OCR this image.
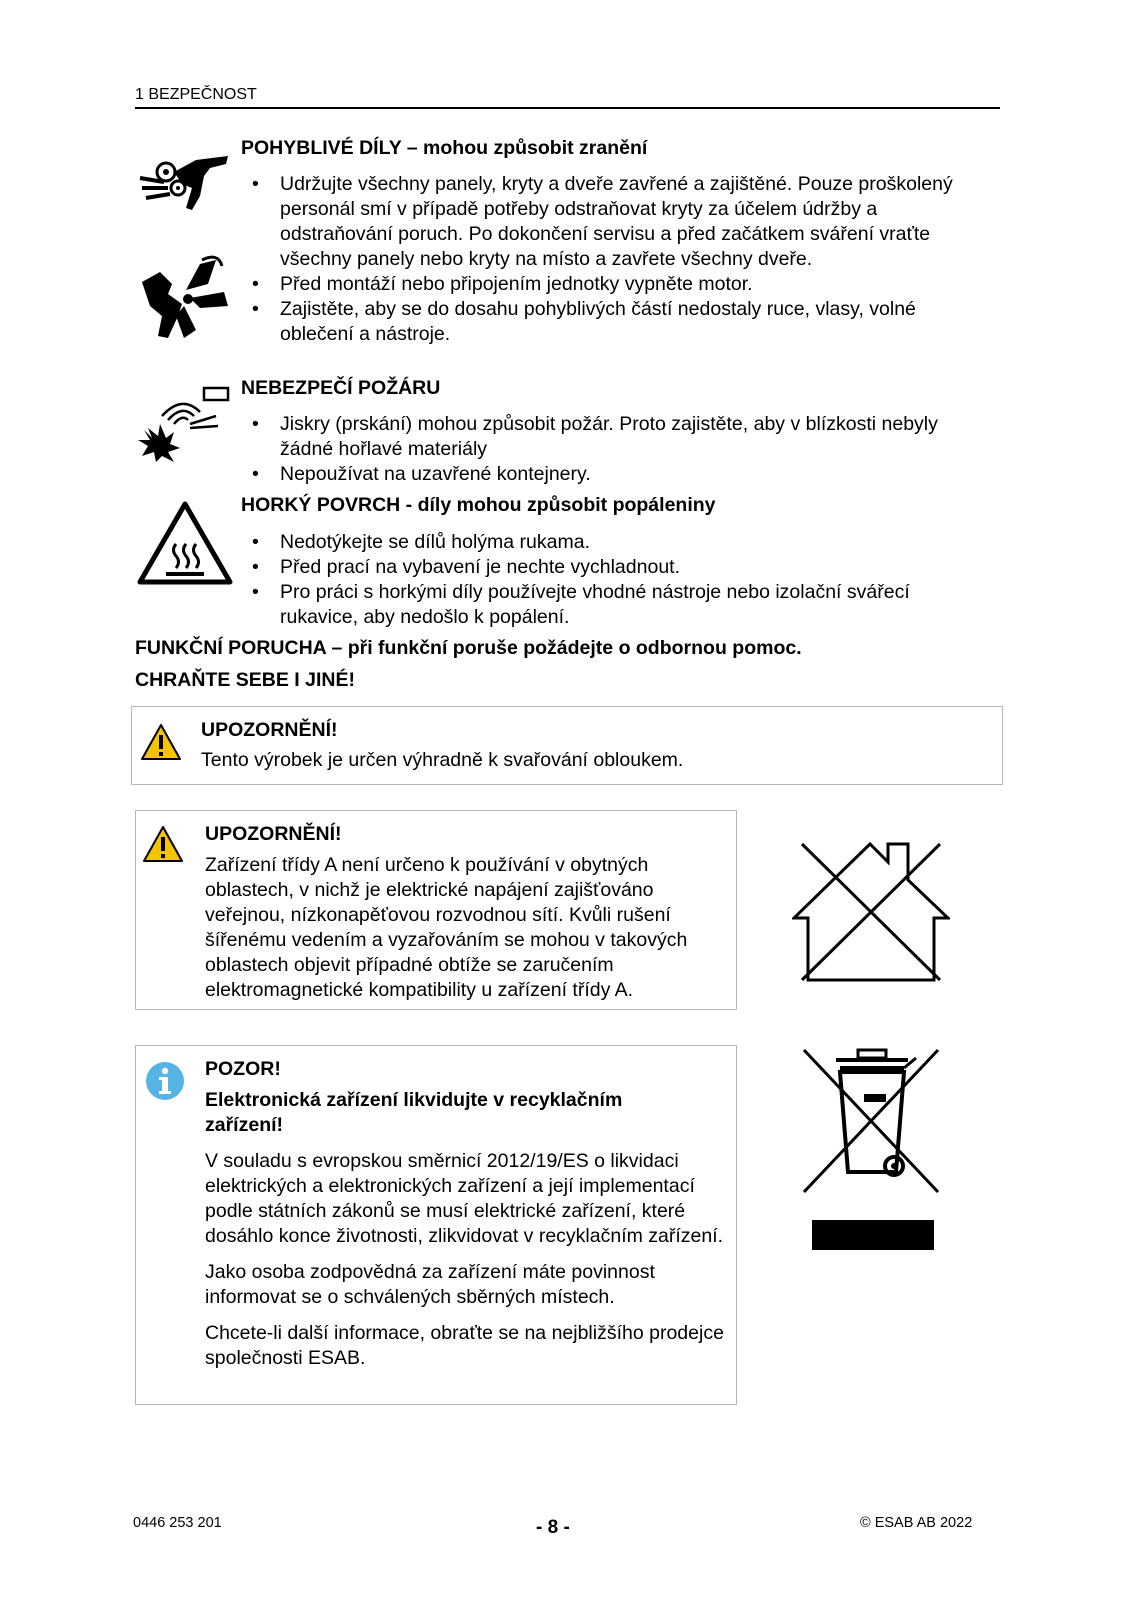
1 BEZPEČNOST
POHYBLIVÉ DÍLY – mohou způsobit zranění
• Udržujte všechny panely, kryty a dveře zavřené a zajištěné. Pouze proškolený personál smí v případě potřeby odstraňovat kryty za účelem údržby a odstraňování poruch. Po dokončení servisu a před začátkem sváření vraťte všechny panely nebo kryty na místo a zavřete všechny dveře.
• Před montáží nebo připojením jednotky vypněte motor.
• Zajistěte, aby se do dosahu pohyblivých částí nedostaly ruce, vlasy, volné oblečení a nástroje.
NEBEZPEČÍ POŽÁRU
• Jiskry (prskání) mohou způsobit požár. Proto zajistěte, aby v blízkosti nebyly žádné hořlavé materiály
• Nepoužívat na uzavřené kontejnery.
HORKÝ POVRCH - díly mohou způsobit popáleniny
• Nedotýkejte se dílů holýma rukama.
• Před prací na vybavení je nechte vychladnout.
• Pro práci s horkými díly používejte vhodné nástroje nebo izolační svářecí rukavice, aby nedošlo k popálení.
FUNKČNÍ PORUCHA – při funkční poruše požádejte o odbornou pomoc.
CHRAŇTE SEBE I JINÉ!
UPOZORNĚNÍ!
Tento výrobek je určen výhradně k svařování obloukem.
UPOZORNĚNÍ!
Zařízení třídy A není určeno k používání v obytných oblastech, v nichž je elektrické napájení zajišťováno veřejnou, nízkonapěťovou rozvodnou sítí. Kvůli rušení šířenému vedením a vyzařováním se mohou v takových oblastech objevit případné obtíže se zaručením elektromagnetické kompatibility u zařízení třídy A.
POZOR!
Elektronická zařízení likvidujte v recyklačním zařízení!

V souladu s evropskou směrnicí 2012/19/ES o likvidaci elektrických a elektronických zařízení a její implementací podle státních zákonů se musí elektrické zařízení, které dosáhlo konce životnosti, zlikvidovat v recyklačním zařízení.

Jako osoba zodpovědná za zařízení máte povinnost informovat se o schválených sběrných místech.

Chcete-li další informace, obraťte se na nejbližšího prodejce společnosti ESAB.

0446 253 201	- 8 -	© ESAB AB 2022
